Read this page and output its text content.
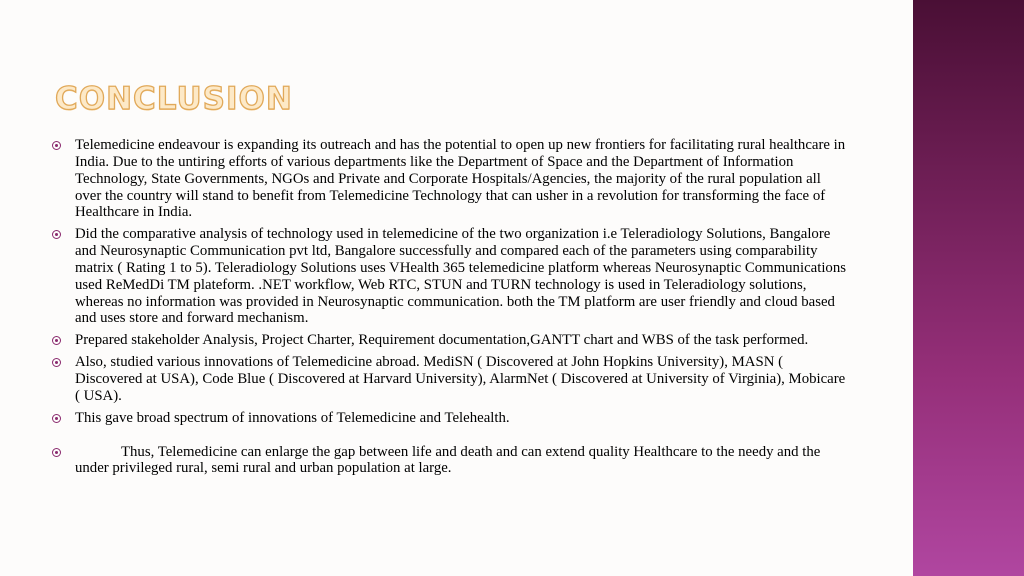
CONCLUSION
Telemedicine endeavour is expanding its outreach and has the potential to open up new frontiers for facilitating rural healthcare in India. Due to the untiring efforts of various departments like the Department of Space and the Department of Information Technology, State Governments, NGOs and Private and Corporate Hospitals/Agencies, the majority of the rural population all over the country will stand to benefit from Telemedicine Technology that can usher in a revolution for transforming the face of Healthcare in India.
Did the comparative analysis of technology used in telemedicine of the two organization i.e Teleradiology Solutions, Bangalore and Neurosynaptic Communication pvt ltd, Bangalore successfully and compared each of the parameters using comparability matrix ( Rating 1 to 5). Teleradiology Solutions uses VHealth 365 telemedicine platform whereas Neurosynaptic Communications used ReMedDi TM plateform. .NET workflow, Web RTC, STUN and TURN technology is used in Teleradiology solutions, whereas no information was provided in Neurosynaptic communication. both the TM platform are user friendly and cloud based and uses store and forward mechanism.
Prepared stakeholder Analysis, Project Charter, Requirement documentation,GANTT chart and WBS of the task performed.
Also, studied various innovations of Telemedicine abroad. MediSN ( Discovered at John Hopkins University), MASN ( Discovered at USA), Code Blue ( Discovered at Harvard University), AlarmNet ( Discovered at University of Virginia), Mobicare ( USA).
This gave broad spectrum of innovations of Telemedicine and Telehealth.
Thus, Telemedicine can enlarge the gap between life and death and can extend quality Healthcare to the needy and the under privileged rural, semi rural and urban population at large.
